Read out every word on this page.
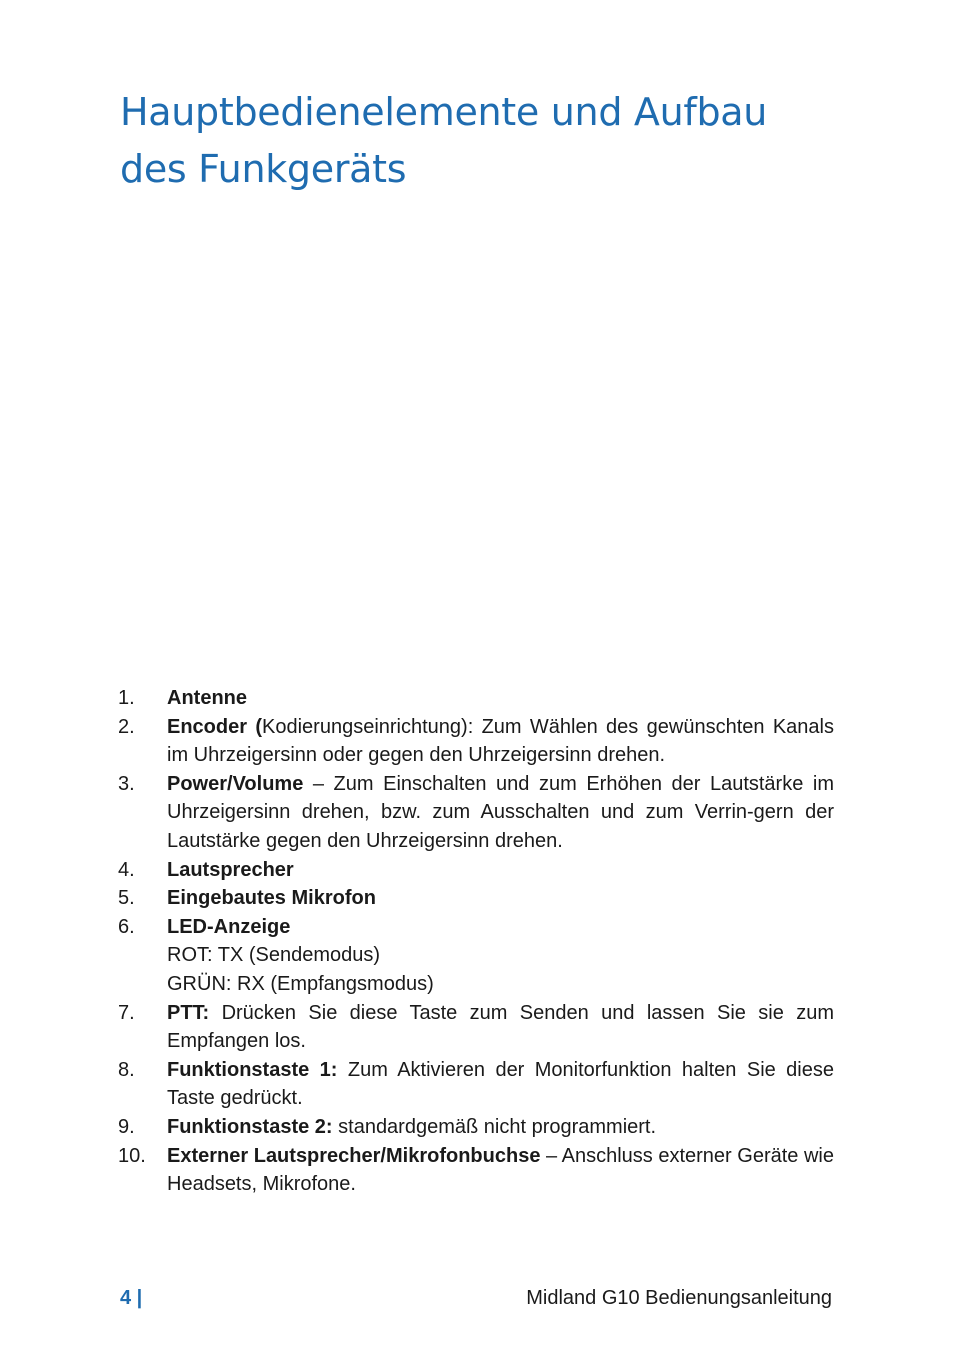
Hauptbedienelemente und Aufbau
des Funkgeräts
1.	Antenne
2.	Encoder (Kodierungseinrichtung): Zum Wählen des gewünschten Kanals im Uhrzeigersinn oder gegen den Uhrzeigersinn drehen.
3.	Power/Volume – Zum Einschalten und zum Erhöhen der Lautstärke im Uhrzeigersinn drehen, bzw. zum Ausschalten und zum Verrin-gern der Lautstärke gegen den Uhrzeigersinn drehen.
4.	Lautsprecher
5.	Eingebautes Mikrofon
6.	LED-Anzeige
ROT: TX (Sendemodus)
GRÜN: RX (Empfangsmodus)
7.	PTT: Drücken Sie diese Taste zum Senden und lassen Sie sie zum Empfangen los.
8.	Funktionstaste 1: Zum Aktivieren der Monitorfunktion halten Sie diese Taste gedrückt.
9.	Funktionstaste 2: standardgemäß nicht programmiert.
10.	Externer Lautsprecher/Mikrofonbuchse – Anschluss externer Geräte wie Headsets, Mikrofone.
4 |	Midland G10 Bedienungsanleitung
